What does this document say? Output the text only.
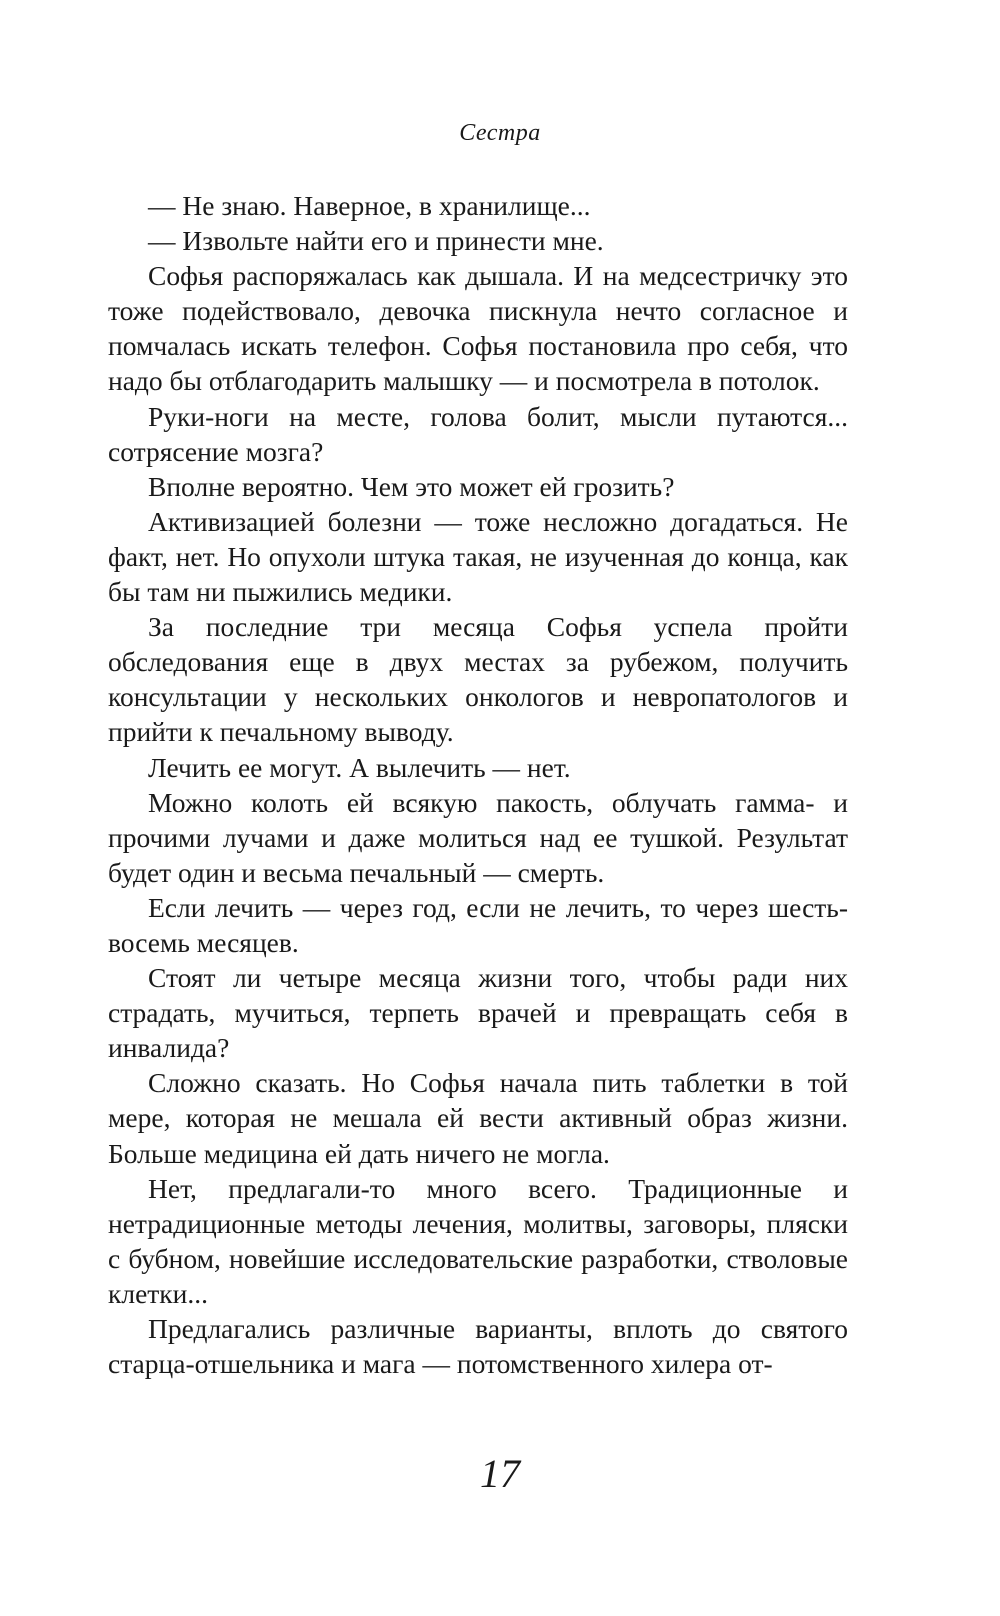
Сестра

— Не знаю. Наверное, в хранилище...

— Извольте найти его и принести мне.

Софья распоряжалась как дышала. И на медсестричку это тоже подействовало, девочка пискнула нечто согласное и помчалась искать телефон. Софья постановила про себя, что надо бы отблагодарить малышку — и посмотрела в потолок.

Руки-ноги на месте, голова болит, мысли путаются... сотрясение мозга?

Вполне вероятно. Чем это может ей грозить?

Активизацией болезни — тоже несложно догадаться. Не факт, нет. Но опухоли штука такая, не изученная до конца, как бы там ни пыжились медики.

За последние три месяца Софья успела пройти обследования еще в двух местах за рубежом, получить консультации у нескольких онкологов и невропатологов и прийти к печальному выводу.

Лечить ее могут. А вылечить — нет.

Можно колоть ей всякую пакость, облучать гамма- и прочими лучами и даже молиться над ее тушкой. Результат будет один и весьма печальный — смерть.

Если лечить — через год, если не лечить, то через шесть-восемь месяцев.

Стоят ли четыре месяца жизни того, чтобы ради них страдать, мучиться, терпеть врачей и превращать себя в инвалида?

Сложно сказать. Но Софья начала пить таблетки в той мере, которая не мешала ей вести активный образ жизни. Больше медицина ей дать ничего не могла.

Нет, предлагали-то много всего. Традиционные и нетрадиционные методы лечения, молитвы, заговоры, пляски с бубном, новейшие исследовательские разработки, стволовые клетки...

Предлагались различные варианты, вплоть до святого старца-отшельника и мага — потомственного хилера от-

17
